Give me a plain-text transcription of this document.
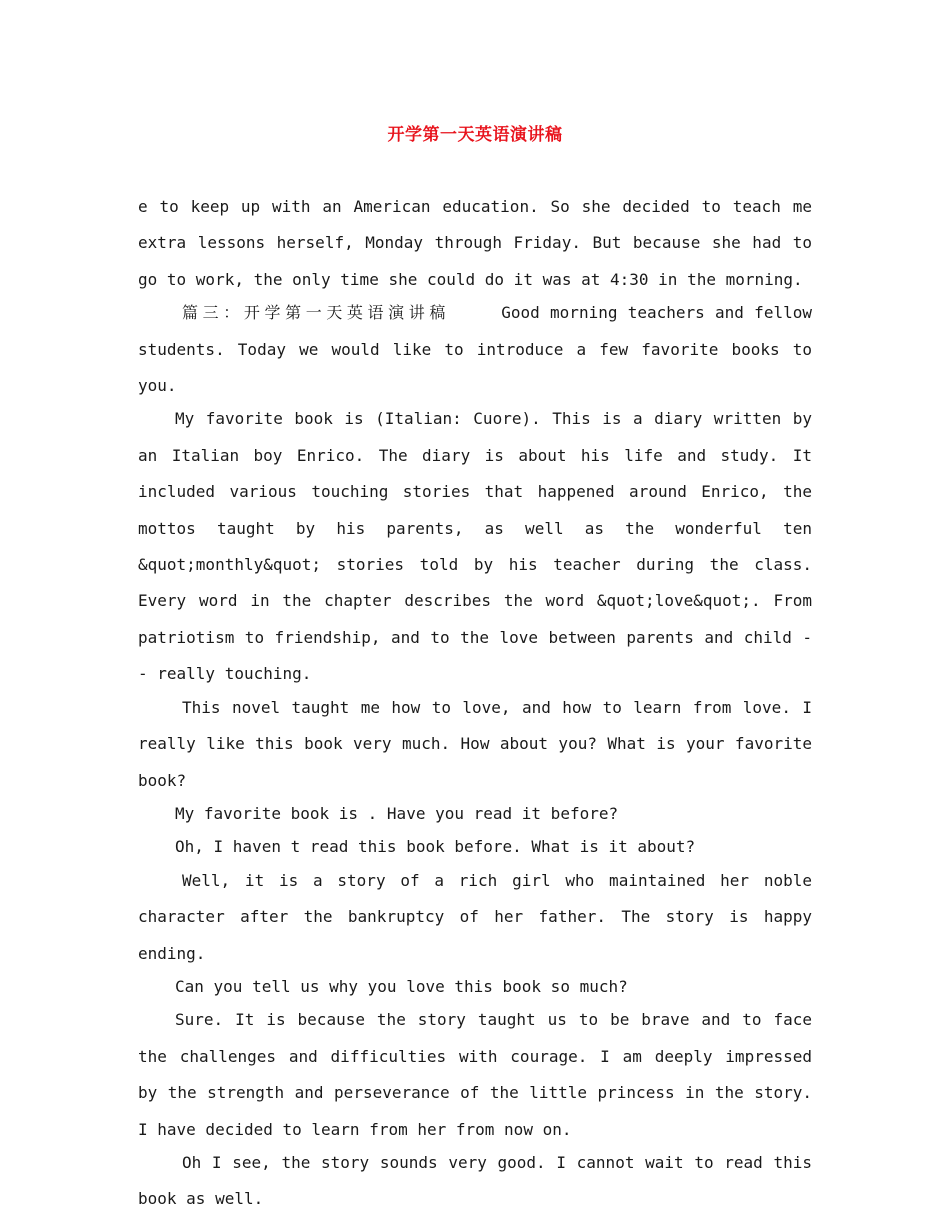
开学第一天英语演讲稿

e to keep up with an American education. So she decided to teach me extra lessons herself, Monday through Friday. But because she had to go to work, the only time she could do it was at 4:30 in the morning.

篇三：开学第一天英语演讲稿	Good morning teachers and fellow students. Today we would like to introduce a few favorite books to you.

My favorite book is (Italian: Cuore). This is a diary written by an Italian boy Enrico. The diary is about his life and study. It included various touching stories that happened around Enrico, the mottos taught by his parents, as well as the wonderful ten &quot;monthly&quot; stories told by his teacher during the class. Every word in the chapter describes the word &quot;love&quot;. From patriotism to friendship, and to the love between parents and child -- really touching.

This novel taught me how to love, and how to learn from love. I really like this book very much. How about you? What is your favorite book?

My favorite book is . Have you read it before?

Oh, I haven t read this book before. What is it about?

Well, it is a story of a rich girl who maintained her noble character after the bankruptcy of her father. The story is happy ending.

Can you tell us why you love this book so much?

Sure. It is because the story taught us to be brave and to face the challenges and difficulties with courage. I am deeply impressed by the strength and perseverance of the little princess in the story. I have decided to learn from her from now on.

Oh I see, the story sounds very good. I cannot wait to read this book as well.
